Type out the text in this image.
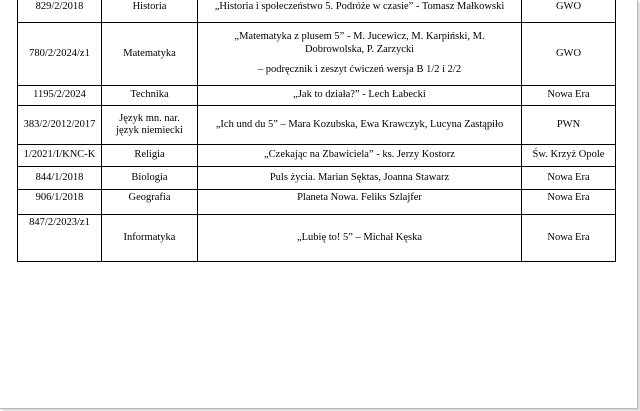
829/2/2018	Historia	„Historia i społeczeństwo 5. Podróże w czasie” - Tomasz Małkowski	GWO
780/2/2024/z1	Matematyka	„Matematyka z plusem 5” - M. Jucewicz, M. Karpiński, M.
Dobrowolska, P. Zarzycki
– podręcznik i zeszyt ćwiczeń wersja B 1/2 i 2/2	GWO
1195/2/2024	Technika	„Jak to działa?” - Lech Łabecki	Nowa Era
383/2/2012/2017	Język mn. nar.
język niemiecki	„Ich und du 5” – Mara Kozubska, Ewa Krawczyk, Lucyna Zastąpiło	PWN
1/2021/I/KNC-K	Religia	„Czekając na Zbawiciela” - ks. Jerzy Kostorz	Św. Krzyż Opole
844/1/2018	Biologia	Puls życia. Marian Sęktas, Joanna Stawarz	Nowa Era
906/1/2018	Geografia	Planeta Nowa. Feliks Szlajfer	Nowa Era
847/2/2023/z1	Informatyka	„Lubię to! 5” – Michał Kęska	Nowa Era
